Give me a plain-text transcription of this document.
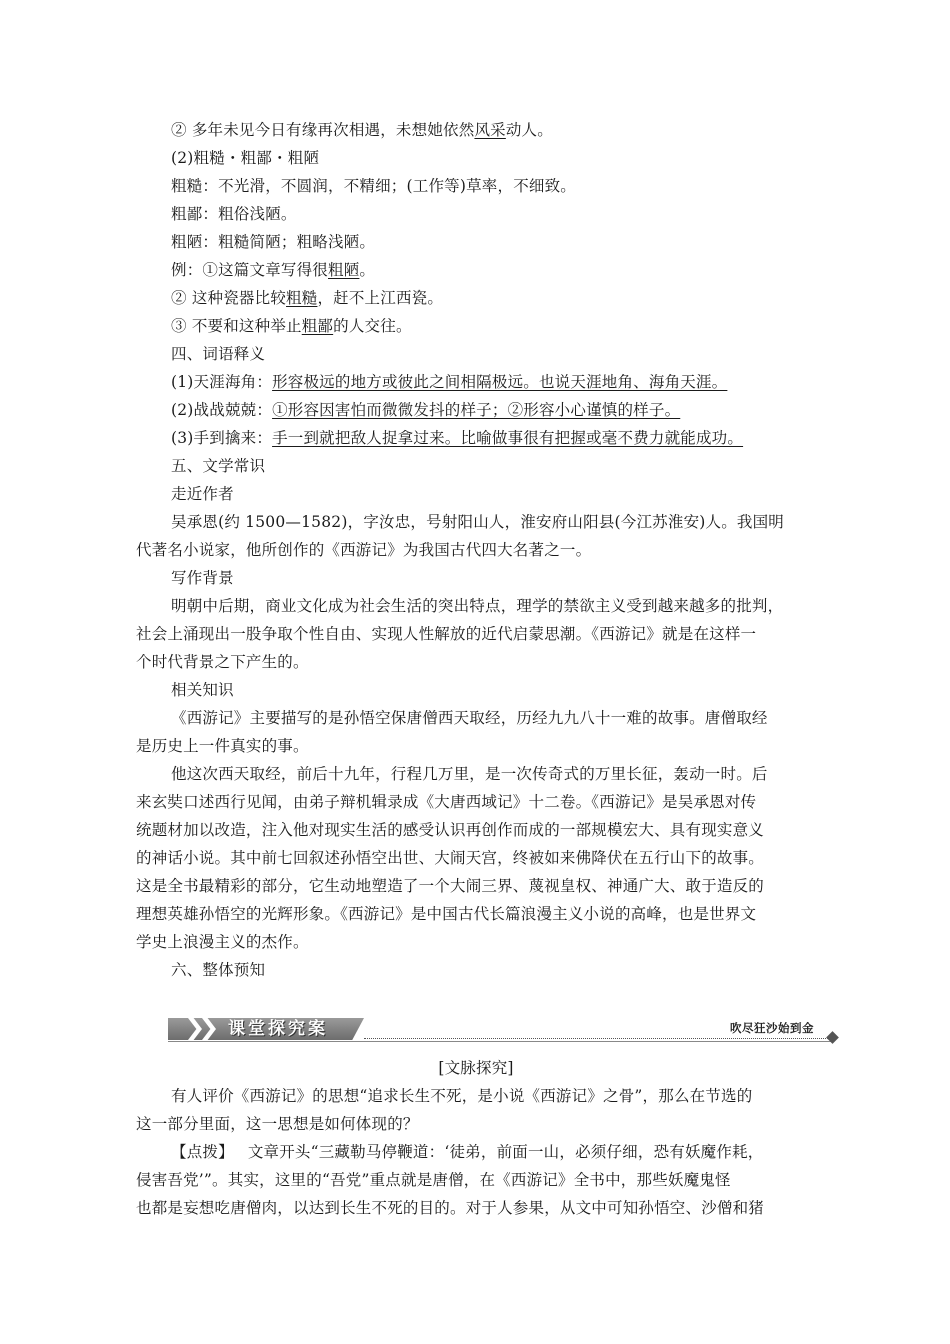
② 多年未见今日有缘再次相遇，未想她依然风采动人。
(2)粗糙・粗鄙・粗陋
粗糙：不光滑，不圆润，不精细；(工作等)草率，不细致。
粗鄙：粗俗浅陋。
粗陋：粗糙简陋；粗略浅陋。
例：①这篇文章写得很粗陋。
② 这种瓷器比较粗糙，赶不上江西瓷。
③ 不要和这种举止粗鄙的人交往。
四、词语释义
(1)天涯海角：形容极远的地方或彼此之间相隔极远。也说天涯地角、海角天涯。
(2)战战兢兢：①形容因害怕而微微发抖的样子；②形容小心谨慎的样子。
(3)手到擒来：手一到就把敌人捉拿过来。比喻做事很有把握或毫不费力就能成功。
五、文学常识
走近作者
吴承恩(约 1500—1582)，字汝忠，号射阳山人，淮安府山阳县(今江苏淮安)人。我国明
代著名小说家，他所创作的《西游记》为我国古代四大名著之一。
写作背景
明朝中后期，商业文化成为社会生活的突出特点，理学的禁欲主义受到越来越多的批判，
社会上涌现出一股争取个性自由、实现人性解放的近代启蒙思潮。《西游记》就是在这样一
个时代背景之下产生的。
相关知识
《西游记》主要描写的是孙悟空保唐僧西天取经，历经九九八十一难的故事。唐僧取经
是历史上一件真实的事。
他这次西天取经，前后十九年，行程几万里，是一次传奇式的万里长征，轰动一时。后
来玄奘口述西行见闻，由弟子辩机辑录成《大唐西域记》十二卷。《西游记》是吴承恩对传
统题材加以改造，注入他对现实生活的感受认识再创作而成的一部规模宏大、具有现实意义
的神话小说。其中前七回叙述孙悟空出世、大闹天宫，终被如来佛降伏在五行山下的故事。
这是全书最精彩的部分，它生动地塑造了一个大闹三界、蔑视皇权、神通广大、敢于造反的
理想英雄孙悟空的光辉形象。《西游记》是中国古代长篇浪漫主义小说的高峰，也是世界文
学史上浪漫主义的杰作。
六、整体预知
课堂探究案	吹尽狂沙始到金
[文脉探究]
有人评价《西游记》的思想“追求长生不死，是小说《西游记》之骨”，那么在节选的
这一部分里面，这一思想是如何体现的？
【点拨】 文章开头“三藏勒马停鞭道：‘徒弟，前面一山，必须仔细，恐有妖魔作耗，
侵害吾党’”。其实，这里的“吾党”重点就是唐僧，在《西游记》全书中，那些妖魔鬼怪
也都是妄想吃唐僧肉，以达到长生不死的目的。对于人参果，从文中可知孙悟空、沙僧和猪
